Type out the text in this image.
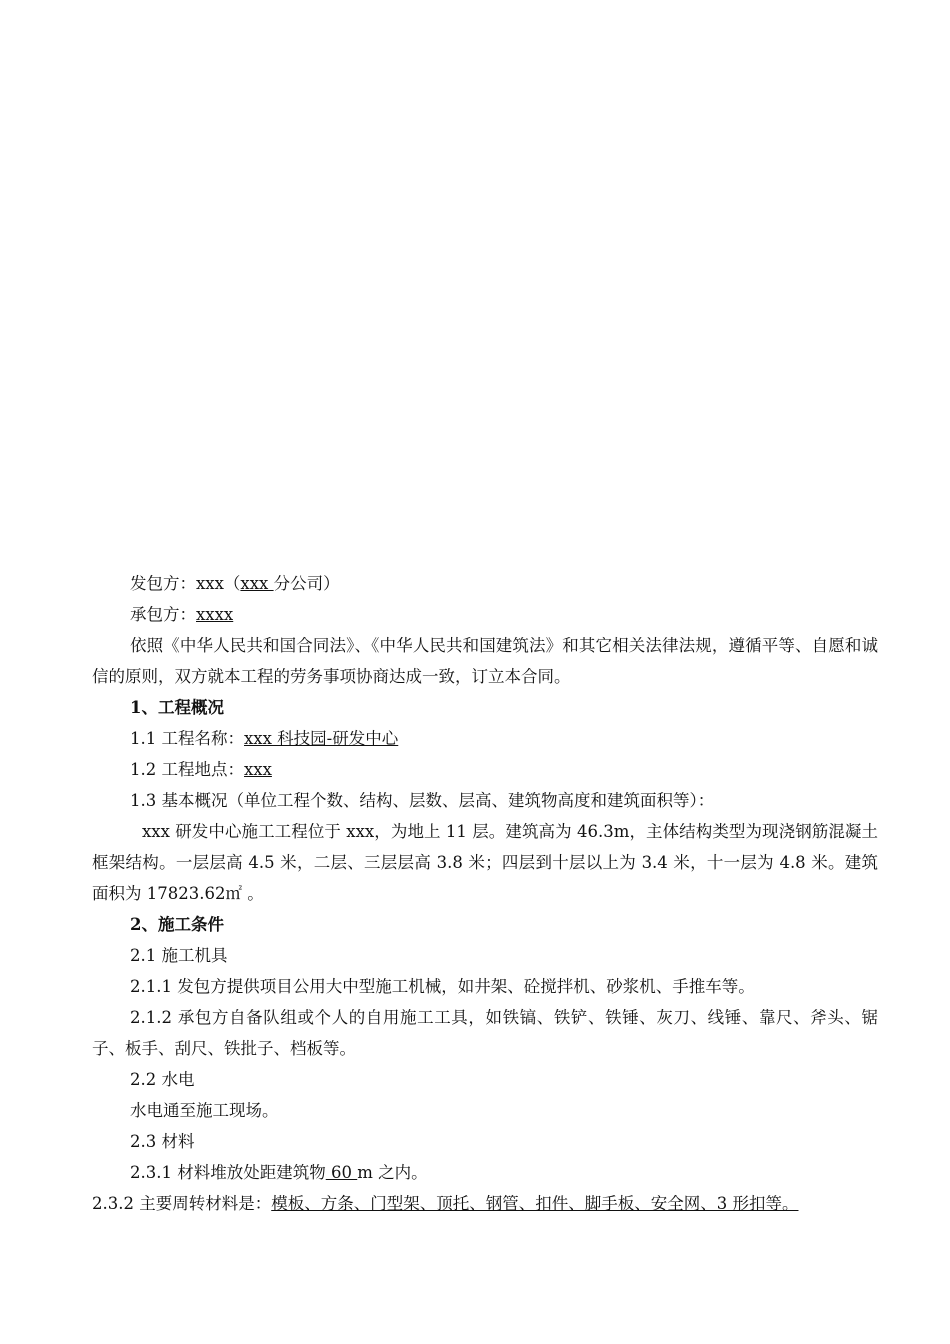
发包方：xxx（xxx 分公司）

承包方：xxxx

依照《中华人民共和国合同法》、《中华人民共和国建筑法》和其它相关法律法规，遵循平等、自愿和诚信的原则，双方就本工程的劳务事项协商达成一致，订立本合同。

1、工程概况

1.1 工程名称：xxx 科技园-研发中心

1.2 工程地点：xxx

1.3 基本概况（单位工程个数、结构、层数、层高、建筑物高度和建筑面积等）：

xxx 研发中心施工工程位于 xxx，为地上 11 层。建筑高为 46.3m，主体结构类型为现浇钢筋混凝土框架结构。一层层高 4.5 米，二层、三层层高 3.8 米；四层到十层以上为 3.4 米，十一层为 4.8 米。建筑面积为 17823.62㎡ 。

2、施工条件

2.1 施工机具

2.1.1 发包方提供项目公用大中型施工机械，如井架、砼搅拌机、砂浆机、手推车等。

2.1.2 承包方自备队组或个人的自用施工工具，如铁镐、铁铲、铁锤、灰刀、线锤、靠尺、斧头、锯子、板手、刮尺、铁批子、档板等。

2.2 水电

水电通至施工现场。

2.3 材料

2.3.1 材料堆放处距建筑物 60 m 之内。

2.3.2 主要周转材料是：模板、方条、门型架、顶托、钢管、扣件、脚手板、安全网、3 形扣等。
